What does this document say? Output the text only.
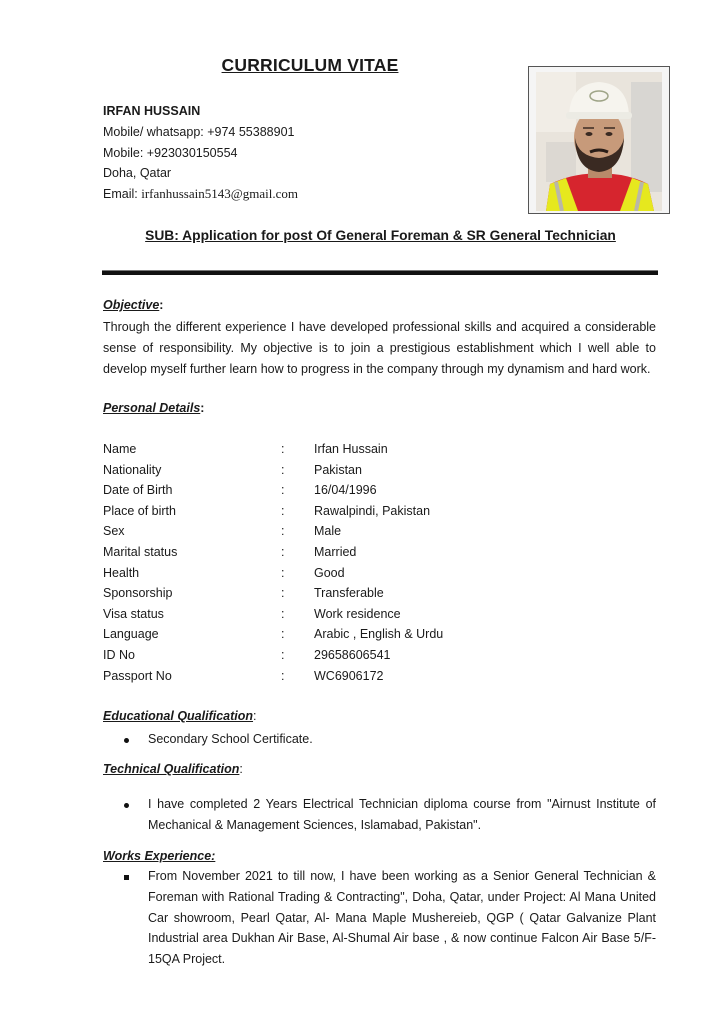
CURRICULUM VITAE
IRFAN HUSSAIN
Mobile/ whatsapp: +974 55388901
Mobile: +923030150554
Doha, Qatar
Email: irfanhussain5143@gmail.com
SUB: Application for post Of General Foreman & SR General Technician
Objective:
Through the different experience I have developed professional skills and acquired a considerable sense of responsibility. My objective is to join a prestigious establishment which I well able to develop myself further learn how to progress in the company through my dynamism and hard work.
Personal Details:
Name	: Irfan Hussain
Nationality	: Pakistan
Date of Birth	: 16/04/1996
Place of birth	: Rawalpindi, Pakistan
Sex	: Male
Marital status	: Married
Health	: Good
Sponsorship	: Transferable
Visa status	: Work residence
Language	: Arabic , English & Urdu
ID No	: 29658606541
Passport No	: WC6906172
Educational Qualification:
Secondary School Certificate.
Technical Qualification:
I have completed 2 Years Electrical Technician diploma course from "Airnust Institute of Mechanical & Management Sciences, Islamabad, Pakistan".
Works Experience:
From November 2021 to till now, I have been working as a Senior General Technician & Foreman with Rational Trading & Contracting", Doha, Qatar, under Project: Al Mana United Car showroom, Pearl Qatar, Al- Mana Maple Mushereieb, QGP ( Qatar Galvanize Plant Industrial area Dukhan Air Base, Al-Shumal Air base , & now continue Falcon Air Base 5/F-15QA Project.
